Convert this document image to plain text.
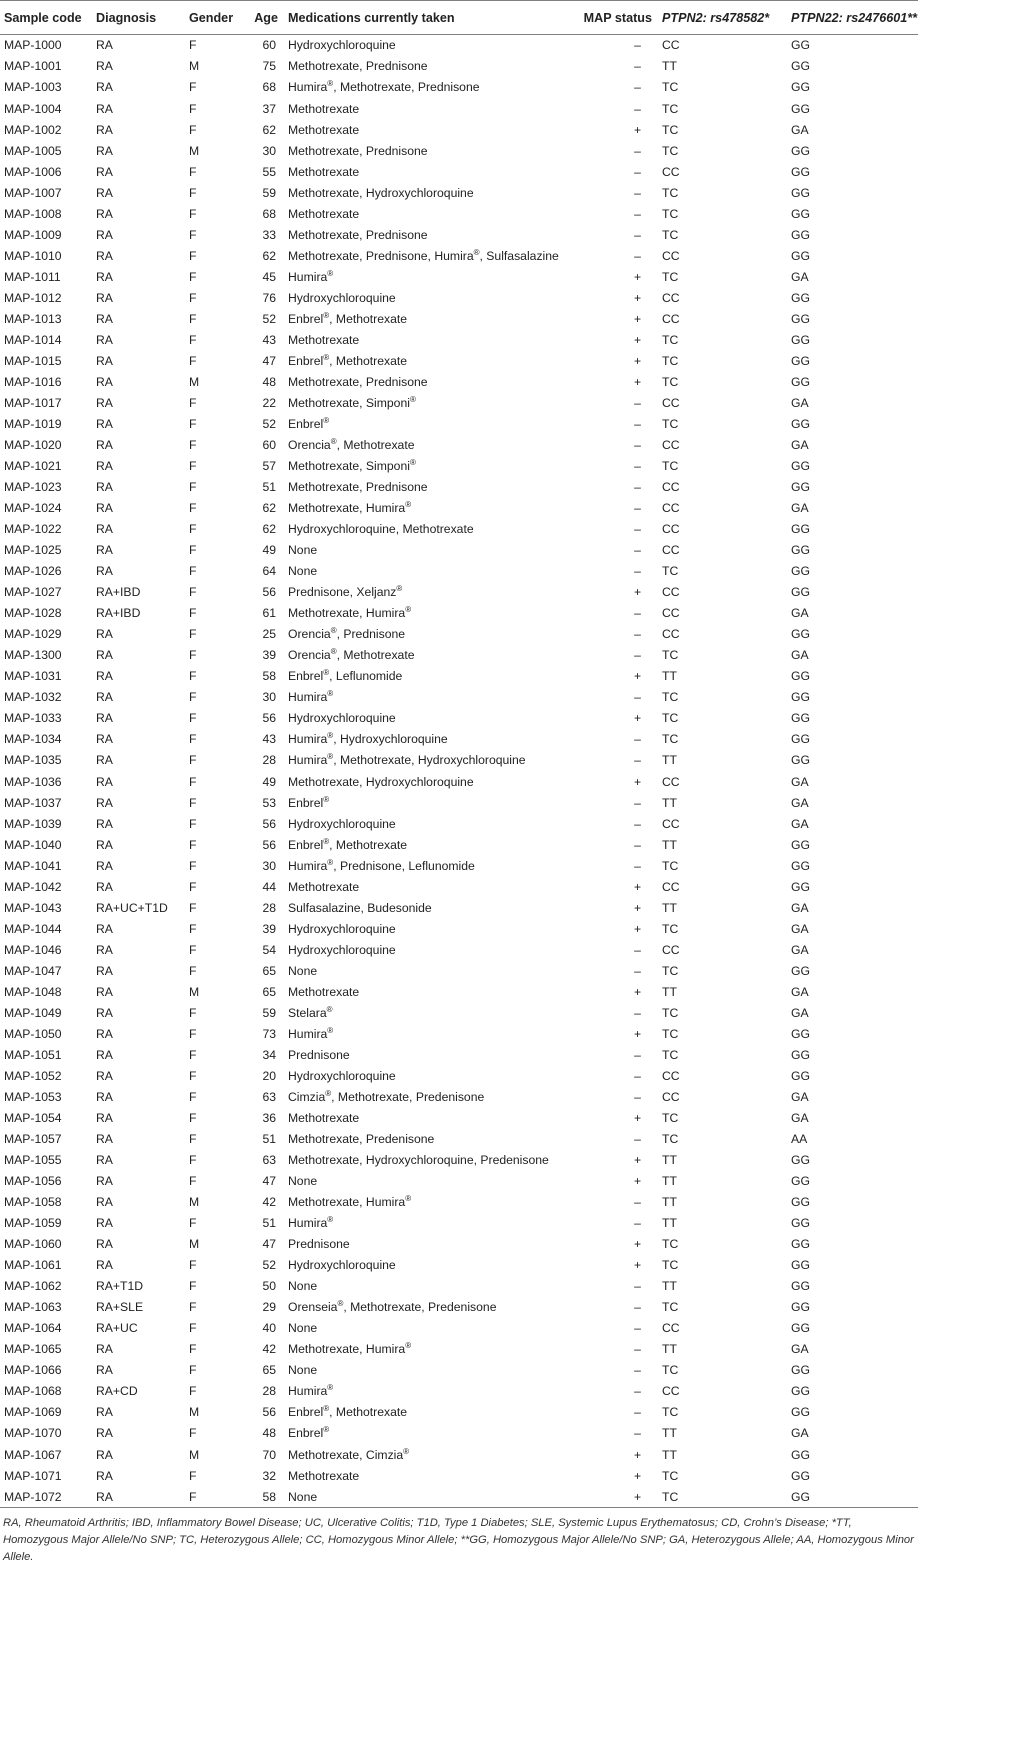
Sample code	Diagnosis	Gender	Age	Medications currently taken	MAP status	PTPN2: rs478582*	PTPN22: rs2476601**
MAP-1000	RA	F	60	Hydroxychloroquine	–	CC	GG
MAP-1001	RA	M	75	Methotrexate, Prednisone	–	TT	GG
MAP-1003	RA	F	68	Humira®, Methotrexate, Prednisone	–	TC	GG
MAP-1004	RA	F	37	Methotrexate	–	TC	GG
MAP-1002	RA	F	62	Methotrexate	+	TC	GA
MAP-1005	RA	M	30	Methotrexate, Prednisone	–	TC	GG
MAP-1006	RA	F	55	Methotrexate	–	CC	GG
MAP-1007	RA	F	59	Methotrexate, Hydroxychloroquine	–	TC	GG
MAP-1008	RA	F	68	Methotrexate	–	TC	GG
MAP-1009	RA	F	33	Methotrexate, Prednisone	–	TC	GG
MAP-1010	RA	F	62	Methotrexate, Prednisone, Humira®, Sulfasalazine	–	CC	GG
MAP-1011	RA	F	45	Humira®	+	TC	GA
MAP-1012	RA	F	76	Hydroxychloroquine	+	CC	GG
MAP-1013	RA	F	52	Enbrel®, Methotrexate	+	CC	GG
MAP-1014	RA	F	43	Methotrexate	+	TC	GG
MAP-1015	RA	F	47	Enbrel®, Methotrexate	+	TC	GG
MAP-1016	RA	M	48	Methotrexate, Prednisone	+	TC	GG
MAP-1017	RA	F	22	Methotrexate, Simponi®	–	CC	GA
MAP-1019	RA	F	52	Enbrel®	–	TC	GG
MAP-1020	RA	F	60	Orencia®, Methotrexate	–	CC	GA
MAP-1021	RA	F	57	Methotrexate, Simponi®	–	TC	GG
MAP-1023	RA	F	51	Methotrexate, Prednisone	–	CC	GG
MAP-1024	RA	F	62	Methotrexate, Humira®	–	CC	GA
MAP-1022	RA	F	62	Hydroxychloroquine, Methotrexate	–	CC	GG
MAP-1025	RA	F	49	None	–	CC	GG
MAP-1026	RA	F	64	None	–	TC	GG
MAP-1027	RA+IBD	F	56	Prednisone, Xeljanz®	+	CC	GG
MAP-1028	RA+IBD	F	61	Methotrexate, Humira®	–	CC	GA
MAP-1029	RA	F	25	Orencia®, Prednisone	–	CC	GG
MAP-1300	RA	F	39	Orencia®, Methotrexate	–	TC	GA
MAP-1031	RA	F	58	Enbrel®, Leflunomide	+	TT	GG
MAP-1032	RA	F	30	Humira®	–	TC	GG
MAP-1033	RA	F	56	Hydroxychloroquine	+	TC	GG
MAP-1034	RA	F	43	Humira®, Hydroxychloroquine	–	TC	GG
MAP-1035	RA	F	28	Humira®, Methotrexate, Hydroxychloroquine	–	TT	GG
MAP-1036	RA	F	49	Methotrexate, Hydroxychloroquine	+	CC	GA
MAP-1037	RA	F	53	Enbrel®	–	TT	GA
MAP-1039	RA	F	56	Hydroxychloroquine	–	CC	GA
MAP-1040	RA	F	56	Enbrel®, Methotrexate	–	TT	GG
MAP-1041	RA	F	30	Humira®, Prednisone, Leflunomide	–	TC	GG
MAP-1042	RA	F	44	Methotrexate	+	CC	GG
MAP-1043	RA+UC+T1D	F	28	Sulfasalazine, Budesonide	+	TT	GA
MAP-1044	RA	F	39	Hydroxychloroquine	+	TC	GA
MAP-1046	RA	F	54	Hydroxychloroquine	–	CC	GA
MAP-1047	RA	F	65	None	–	TC	GG
MAP-1048	RA	M	65	Methotrexate	+	TT	GA
MAP-1049	RA	F	59	Stelara®	–	TC	GA
MAP-1050	RA	F	73	Humira®	+	TC	GG
MAP-1051	RA	F	34	Prednisone	–	TC	GG
MAP-1052	RA	F	20	Hydroxychloroquine	–	CC	GG
MAP-1053	RA	F	63	Cimzia®, Methotrexate, Predenisone	–	CC	GA
MAP-1054	RA	F	36	Methotrexate	+	TC	GA
MAP-1057	RA	F	51	Methotrexate, Predenisone	–	TC	AA
MAP-1055	RA	F	63	Methotrexate, Hydroxychloroquine, Predenisone	+	TT	GG
MAP-1056	RA	F	47	None	+	TT	GG
MAP-1058	RA	M	42	Methotrexate, Humira®	–	TT	GG
MAP-1059	RA	F	51	Humira®	–	TT	GG
MAP-1060	RA	M	47	Prednisone	+	TC	GG
MAP-1061	RA	F	52	Hydroxychloroquine	+	TC	GG
MAP-1062	RA+T1D	F	50	None	–	TT	GG
MAP-1063	RA+SLE	F	29	Orenseia®, Methotrexate, Predenisone	–	TC	GG
MAP-1064	RA+UC	F	40	None	–	CC	GG
MAP-1065	RA	F	42	Methotrexate, Humira®	–	TT	GA
MAP-1066	RA	F	65	None	–	TC	GG
MAP-1068	RA+CD	F	28	Humira®	–	CC	GG
MAP-1069	RA	M	56	Enbrel®, Methotrexate	–	TC	GG
MAP-1070	RA	F	48	Enbrel®	–	TT	GA
MAP-1067	RA	M	70	Methotrexate, Cimzia®	+	TT	GG
MAP-1071	RA	F	32	Methotrexate	+	TC	GG
MAP-1072	RA	F	58	None	+	TC	GG
RA, Rheumatoid Arthritis; IBD, Inflammatory Bowel Disease; UC, Ulcerative Colitis; T1D, Type 1 Diabetes; SLE, Systemic Lupus Erythematosus; CD, Crohn’s Disease; *TT, Homozygous Major Allele/No SNP; TC, Heterozygous Allele; CC, Homozygous Minor Allele; **GG, Homozygous Major Allele/No SNP; GA, Heterozygous Allele; AA, Homozygous Minor Allele.
